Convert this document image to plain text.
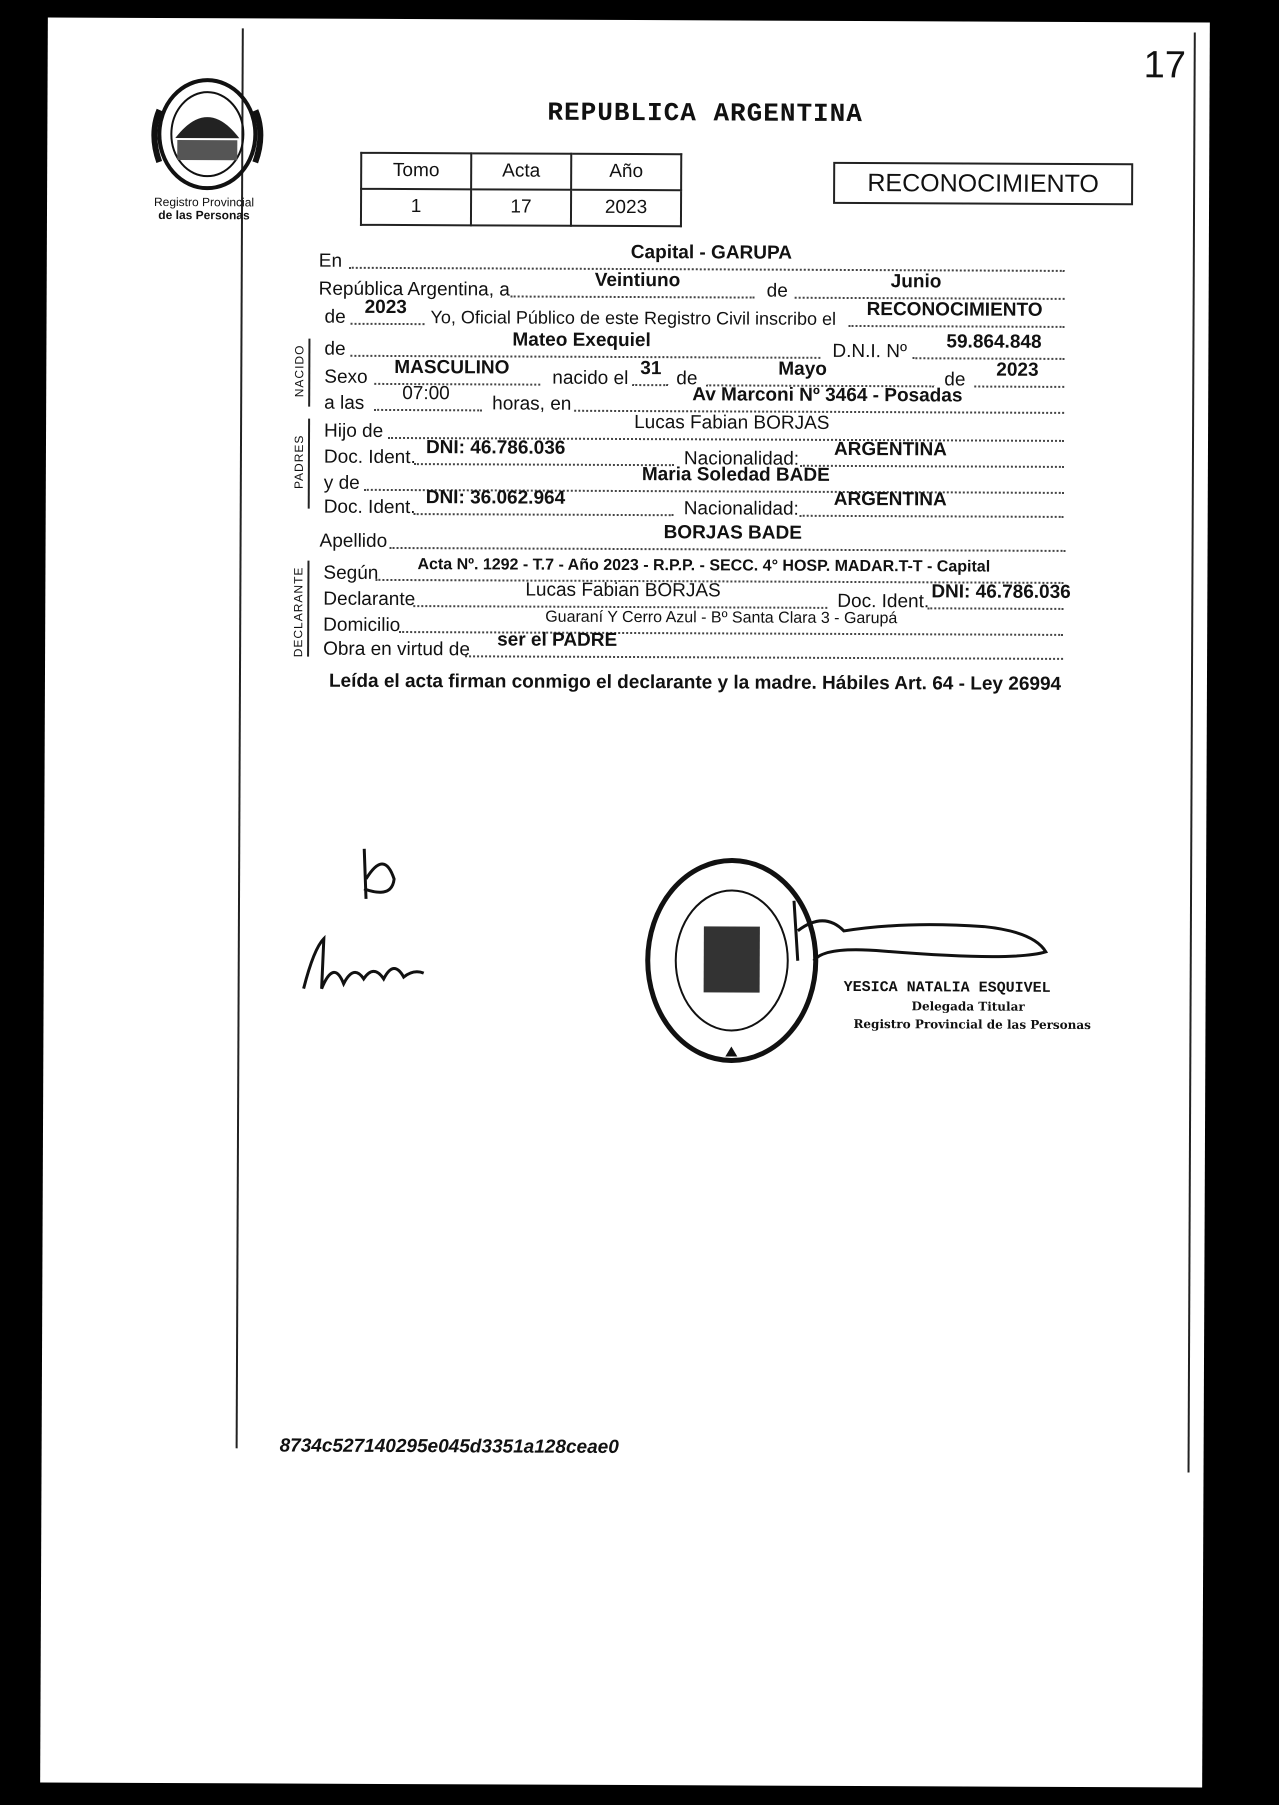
17
Registro Provincial
de las Personas
REPUBLICA ARGENTINA
Tomo	Acta	Año
1	17	2023
RECONOCIMIENTO
En	Capital - GARUPA
República Argentina, a	Veintiuno	de	Junio
de 2023 Yo, Oficial Público de este Registro Civil inscribo el RECONOCIMIENTO
NACIDO de	Mateo Exequiel
D.N.I. Nº 59.864.848
Sexo MASCULINO nacido el 31 de	Mayo
de 2023
a las 07:00 horas, en	Av Marconi Nº 3464 - Posadas
PADRES
Hijo de	Lucas Fabian BORJAS
Doc. Ident. DNI: 46.786.036
Nacionalidad: ARGENTINA
y de	Maria Soledad BADE
Doc. Ident. DNI: 36.062.964
Nacionalidad: ARGENTINA
Apellido	BORJAS BADE
DECLARANTE Según Acta Nº. 1292 - T.7 - Año 2023 - R.P.P. - SECC. 4° HOSP. MADAR.T-T - Capital
Declarante	Lucas Fabian BORJAS
Doc. Ident. DNI: 46.786.036
Domicilio	Guaraní Y Cerro Azul - Bº Santa Clara 3 - Garupá
Obra en virtud de ser el PADRE
Leída el acta firman conmigo el declarante y la madre. Hábiles Art. 64 - Ley 26994
YESICA NATALIA ESQUIVEL
Delegada Titular
Registro Provincial de las Personas
8734c527140295e045d3351a128ceae0
